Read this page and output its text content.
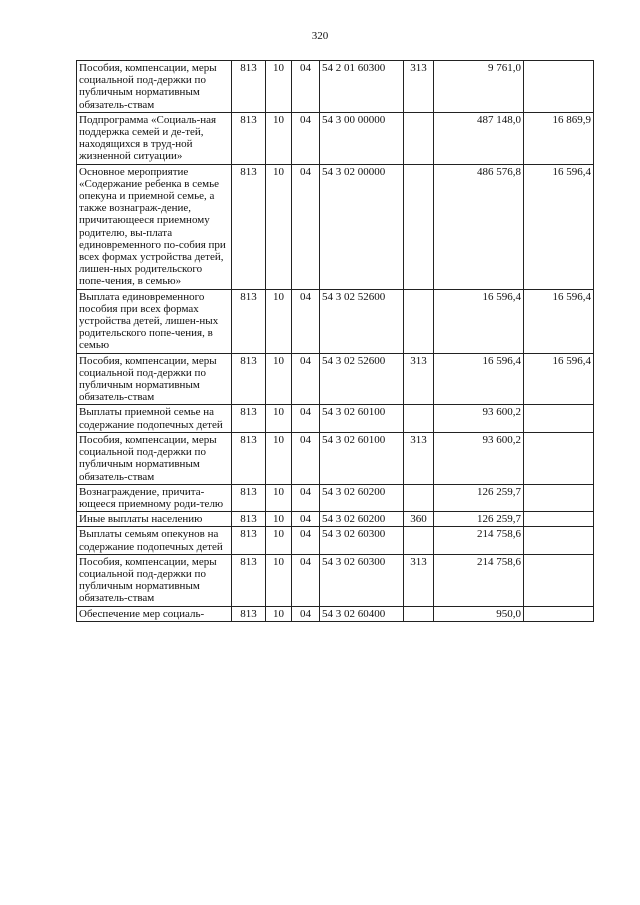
320
Пособия, компенсации, меры социальной под-держки по публичным нормативным обязатель-ствам	813	10	04	54 2 01 60300	313	9 761,0	
Подпрограмма «Социаль-ная поддержка семей и де-тей, находящихся в труд-ной жизненной ситуации»	813	10	04	54 3 00 00000		487 148,0	16 869,9
Основное мероприятие «Содержание ребенка в семье опекуна и приемной семье, а также вознаграж-дение, причитающееся приемному родителю, вы-плата единовременного по-собия при всех формах устройства детей, лишен-ных родительского попе-чения, в семью»	813	10	04	54 3 02 00000		486 576,8	16 596,4
Выплата единовременного пособия при всех формах устройства детей, лишен-ных родительского попе-чения, в семью	813	10	04	54 3 02 52600		16 596,4	16 596,4
Пособия, компенсации, меры социальной под-держки по публичным нормативным обязатель-ствам	813	10	04	54 3 02 52600	313	16 596,4	16 596,4
Выплаты приемной семье на содержание подопечных детей	813	10	04	54 3 02 60100		93 600,2	
Пособия, компенсации, меры социальной под-держки по публичным нормативным обязатель-ствам	813	10	04	54 3 02 60100	313	93 600,2	
Вознаграждение, причита-ющееся приемному роди-телю	813	10	04	54 3 02 60200		126 259,7	
Иные выплаты населению	813	10	04	54 3 02 60200	360	126 259,7	
Выплаты семьям опекунов на содержание подопечных детей	813	10	04	54 3 02 60300		214 758,6	
Пособия, компенсации, меры социальной под-держки по публичным нормативным обязатель-ствам	813	10	04	54 3 02 60300	313	214 758,6	
Обеспечение мер социаль-	813	10	04	54 3 02 60400		950,0	
